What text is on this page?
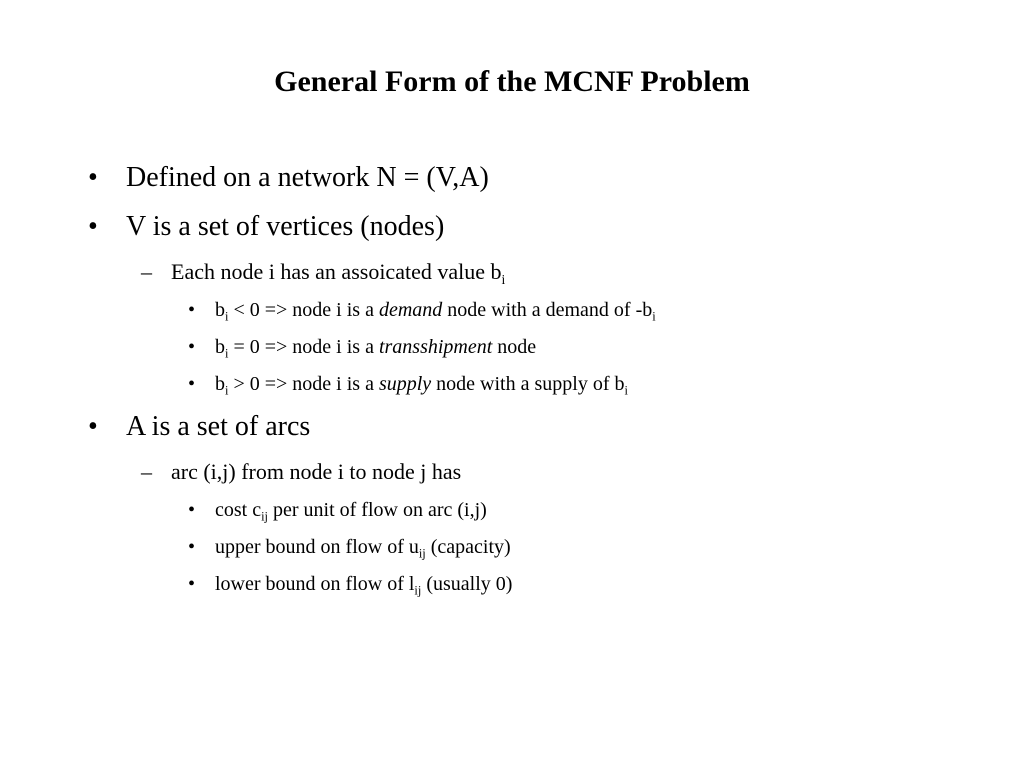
General Form of the MCNF Problem
• Defined on a network N = (V,A)
• V is a set of vertices (nodes)
– Each node i has an assoicated value $b_i$
• $b_i < 0$ => node i is a demand node with a demand of $-b_i$
• $b_i = 0$ => node i is a transshipment node
• $b_i > 0$ => node i is a supply node with a supply of $b_i$
• A is a set of arcs
– arc (i,j) from node i to node j has
• cost $c_{ij}$ per unit of flow on arc (i,j)
• upper bound on flow of $u_{ij}$ (capacity)
• lower bound on flow of $l_{ij}$ (usually 0)
